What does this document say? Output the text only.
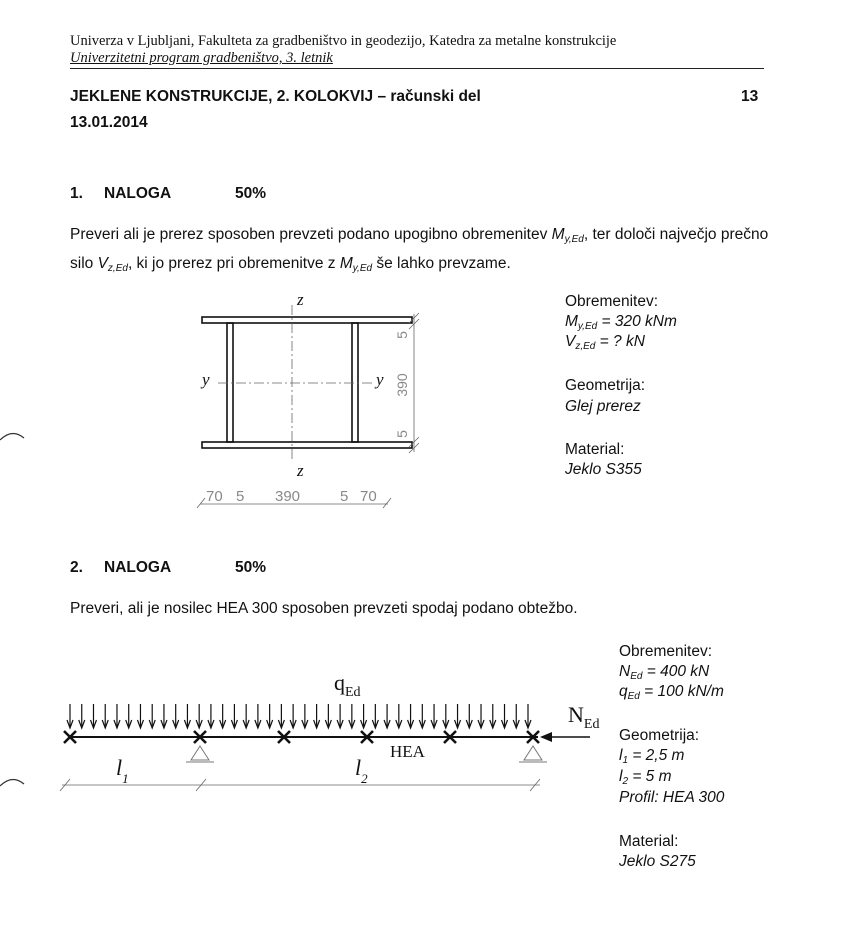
Univerza v Ljubljani, Fakulteta za gradbeništvo in geodezijo, Katedra za metalne konstrukcije
Univerzitetni program gradbeništvo, 3. letnik
JEKLENE KONSTRUKCIJE, 2. KOLOKVIJ – računski del
13.01.2014
13
1. NALOGA	50%
Preveri ali je prerez sposoben prevzeti podano upogibno obremenitev $M_{y,Ed}$, ter določi največjo prečno silo $V_{z,Ed}$, ki jo prerez pri obremenitve z $M_{y,Ed}$ še lahko prevzame.
z
z
y	y
5
390
5
70 5 390	5 70
Obremenitev:
$M_{y,Ed} = 320$ kNm
$V_{z,Ed}$ = ? kN
Geometrija:
Glej prerez
Material:
Jeklo S355
2. NALOGA	50%
Preveri, ali je nosilec HEA 300 sposoben prevzeti spodaj podano obtežbo.
$q_{Ed}$
$N_{Ed}$
HEA
$l_1$	$l_2$
Obremenitev:
$N_{Ed} = 400$ kN
$q_{Ed} = 100$ kN/m
Geometrija:
$l_1 = 2,5$ m
$l_2 = 5$ m
Profil: HEA 300
Material:
Jeklo S275
